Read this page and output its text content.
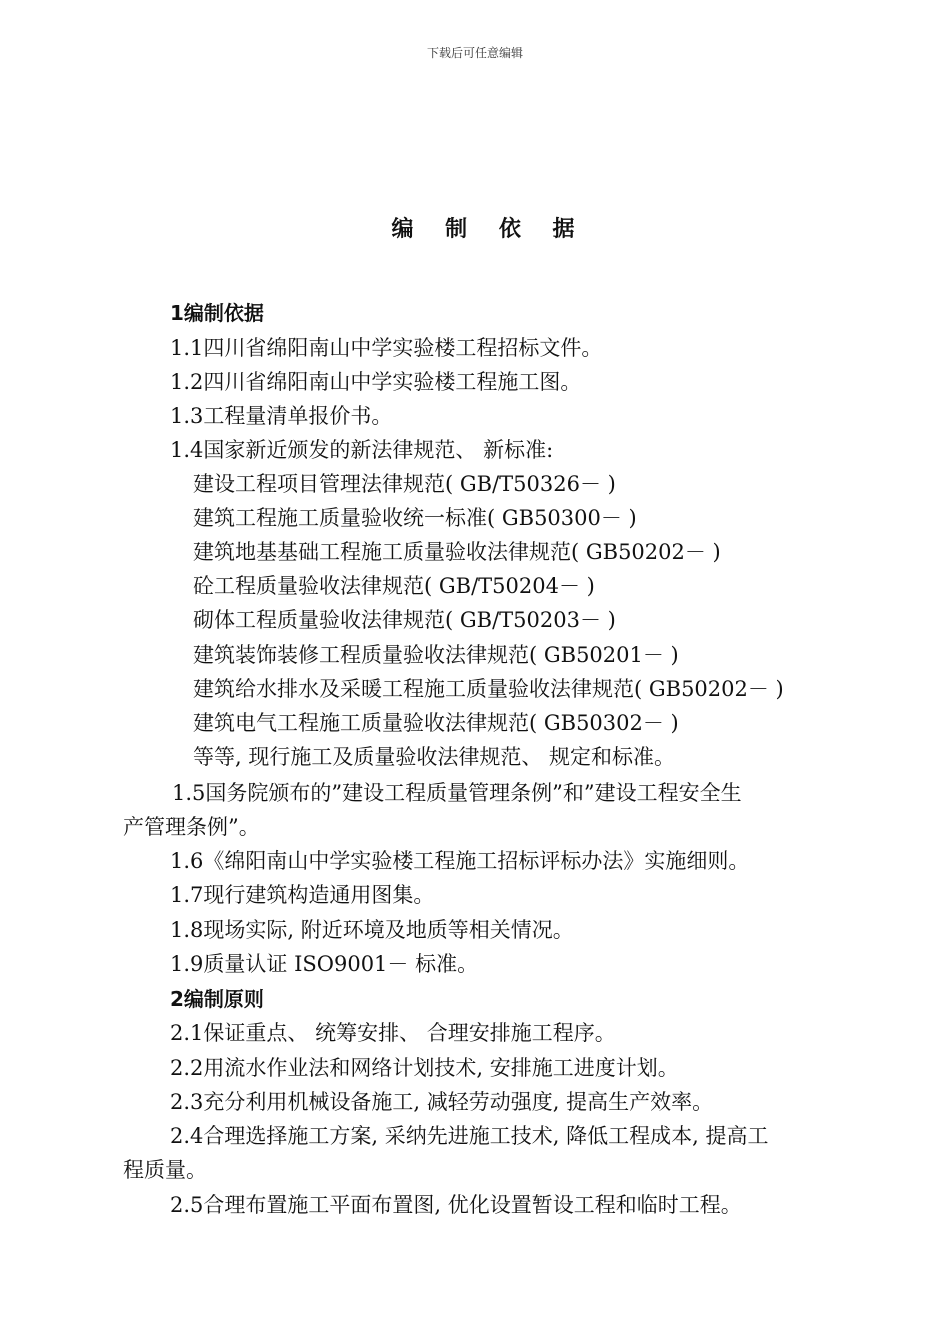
下载后可任意编辑
编 制 依 据
1编制依据
1.1四川省绵阳南山中学实验楼工程招标文件。
1.2四川省绵阳南山中学实验楼工程施工图。
1.3工程量清单报价书。
1.4国家新近颁发的新法律规范、 新标准:
建设工程项目管理法律规范( GB/T50326－ )
建筑工程施工质量验收统一标准( GB50300－ )
建筑地基基础工程施工质量验收法律规范( GB50202－ )
砼工程质量验收法律规范( GB/T50204－ )
砌体工程质量验收法律规范( GB/T50203－ )
建筑装饰装修工程质量验收法律规范( GB50201－ )
建筑给水排水及采暖工程施工质量验收法律规范( GB50202－ )
建筑电气工程施工质量验收法律规范( GB50302－ )
等等, 现行施工及质量验收法律规范、 规定和标准。
1.5国务院颁布的”建设工程质量管理条例”和”建设工程安全生
产管理条例”。
1.6《绵阳南山中学实验楼工程施工招标评标办法》实施细则。
1.7现行建筑构造通用图集。
1.8现场实际, 附近环境及地质等相关情况。
1.9质量认证 ISO9001－ 标准。
2编制原则
2.1保证重点、 统筹安排、 合理安排施工程序。
2.2用流水作业法和网络计划技术, 安排施工进度计划。
2.3充分利用机械设备施工, 减轻劳动强度, 提高生产效率。
2.4合理选择施工方案, 采纳先进施工技术, 降低工程成本, 提高工
程质量。
2.5合理布置施工平面布置图, 优化设置暂设工程和临时工程。
